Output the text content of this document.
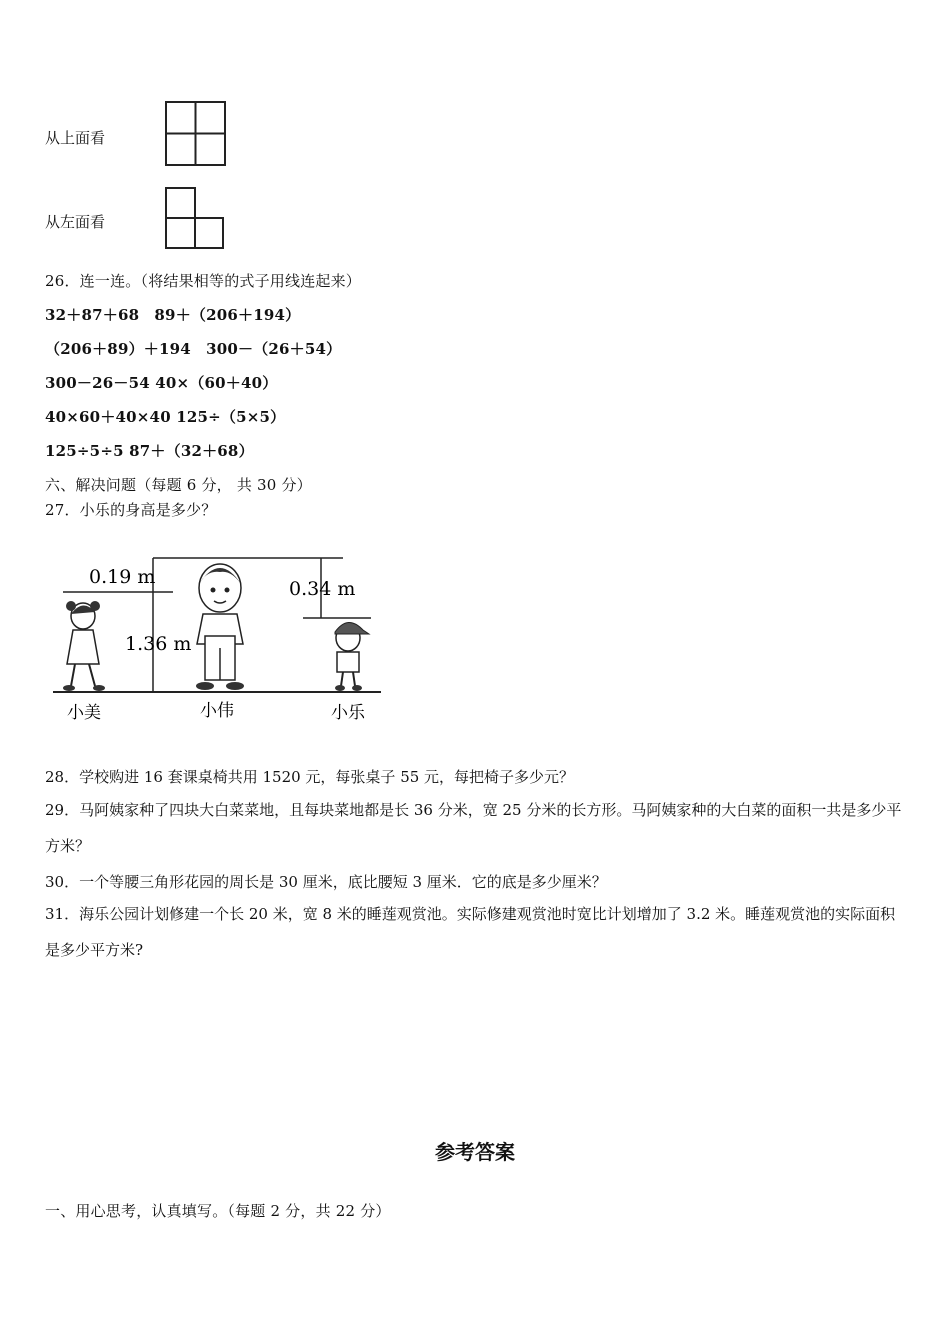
从上面看
从左面看
26．连一连。（将结果相等的式子用线连起来）
32＋87＋68　89＋（206＋194）
（206＋89）＋194　300－（26＋54）
300－26－54 40×（60＋40）
40×60＋40×40 125÷（5×5）
125÷5÷5 87＋（32＋68）
六、解决问题（每题 6 分， 共 30 分）
27．小乐的身高是多少？
0.19 m
1.36 m
0.34 m
小美	小伟	小乐
28．学校购进 16 套课桌椅共用 1520 元，每张桌子 55 元，每把椅子多少元？
29．马阿姨家种了四块大白菜菜地，且每块菜地都是长 36 分米，宽 25 分米的长方形。马阿姨家种的大白菜的面积一共是多少平方米？
30．一个等腰三角形花园的周长是 30 厘米，底比腰短 3 厘米．它的底是多少厘米？
31．海乐公园计划修建一个长 20 米，宽 8 米的睡莲观赏池。实际修建观赏池时宽比计划增加了 3.2 米。睡莲观赏池的实际面积是多少平方米?
参考答案
一、用心思考，认真填写。（每题 2 分，共 22 分）
